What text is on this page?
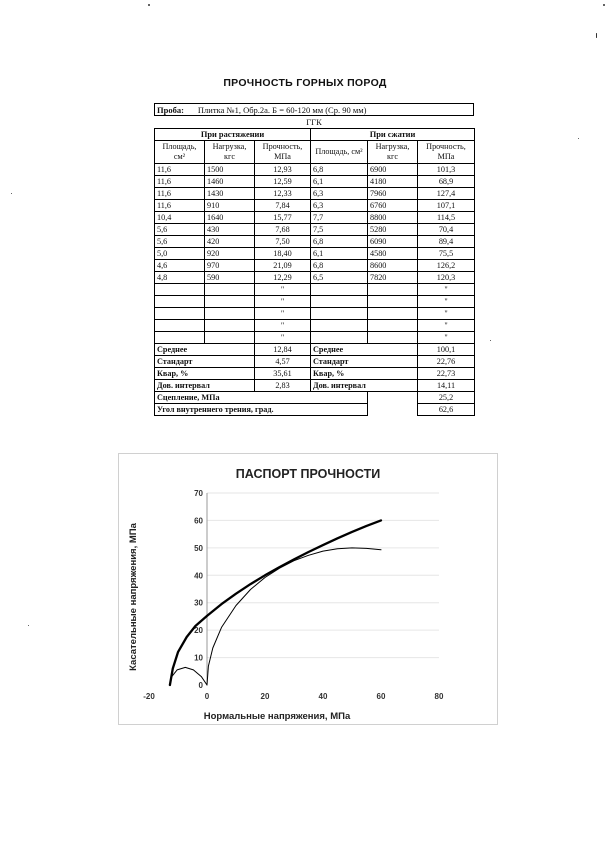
ПРОЧНОСТЬ ГОРНЫХ ПОРОД
Проба: Плитка №1, Обр.2а. Б = 60-120 мм (Ср. 90 мм)
ГГК
При растяжении			При сжатии		
Площадь, см²	Нагрузка, кгс	Прочность, МПа	Площадь, см²	Нагрузка, кгс	Прочность, МПа
11,6	1500	12,93	6,8	6900	101,3
11,6	1460	12,59	6,1	4180	68,9
11,6	1430	12,33	6,3	7960	127,4
11,6	910	7,84	6,3	6760	107,1
10,4	1640	15,77	7,7	8800	114,5
5,6	430	7,68	7,5	5280	70,4
5,6	420	7,50	6,8	6090	89,4
5,0	920	18,40	6,1	4580	75,5
4,6	970	21,09	6,8	8600	126,2
4,8	590	12,29	6,5	7820	120,3
		"			"
		"			"
		"			"
		"			"
		"			"
Среднее		12,84	Среднее		100,1
Стандарт		4,57	Стандарт		22,76
Квар, %		35,61	Квар, %		22,73
Дов. интервал		2,83	Дов. интервал		14,11
Сцепление, МПа					25,2
Угол внутреннего трения, град.					62,6
0
10
20
30
40
50
60
70
-20	0	20	40	60	80
ПАСПОРТ ПРОЧНОСТИ
Нормальные напряжения, МПа
Касательные напряжения, МПа
